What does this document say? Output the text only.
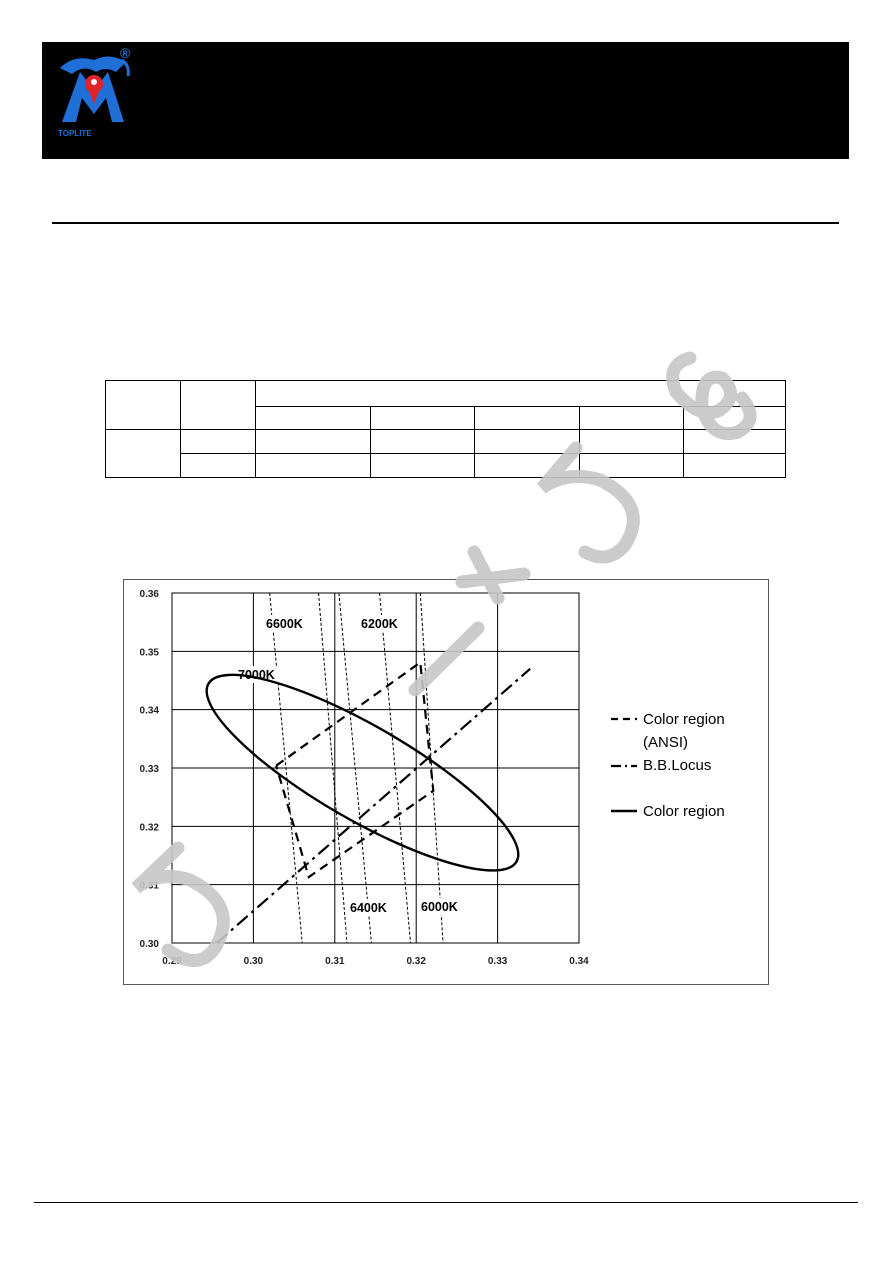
TOPLITE
®

0.29	0.30	0.31	0.32	0.33	0.34
0.30
0.31
0.32
0.33
0.34
0.35
0.36
6600K	6200K
7000K
6400K	6000K
Color region
(ANSI)
B.B.Locus
Color region
